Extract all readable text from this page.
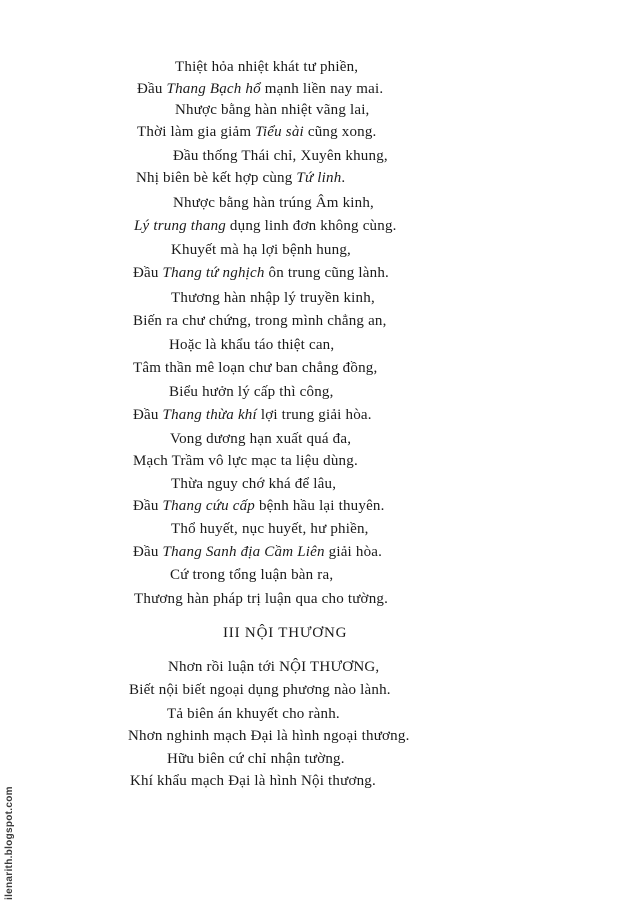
Thiệt hỏa nhiệt khát tư phiền,
Đầu Thang Bạch hổ mạnh liền nay mai.
Nhược bằng hàn nhiệt vãng lai,
Thời làm gia giảm Tiểu sài cũng xong.
Đầu thống Thái chỉ, Xuyên khung,
Nhị biên bè kết hợp cùng Tứ linh.
Nhược bằng hàn trúng Âm kinh,
Lý trung thang dụng linh đơn không cùng.
Khuyết mà hạ lợi bệnh hung,
Đầu Thang tứ nghịch ôn trung cũng lành.
Thương hàn nhập lý truyền kinh,
Biến ra chư chứng, trong mình chẳng an,
Hoặc là khẩu táo thiệt can,
Tâm thần mê loạn chư ban chẳng đồng,
Biểu hưởn lý cấp thì công,
Đầu Thang thừa khí lợi trung giải hòa.
Vong dương hạn xuất quá đa,
Mạch Trầm vô lực mạc ta liệu dùng.
Thừa nguy chớ khá để lâu,
Đầu Thang cứu cấp bệnh hầu lại thuyên.
Thổ huyết, nục huyết, hư phiền,
Đầu Thang Sanh địa Cầm Liên giải hòa.
Cứ trong tổng luận bàn ra,
Thương hàn pháp trị luận qua cho tường.
III NỘI THƯƠNG
Nhơn rồi luận tới NỘI THƯƠNG,
Biết nội biết ngoại dụng phương nào lành.
Tả biên án khuyết cho rành.
Nhơn nghinh mạch Đại là hình ngoại thương.
Hữu biên cứ chỉ nhận tường.
Khí khẩu mạch Đại là hình Nội thương.
ilenarith.blogspot.com
